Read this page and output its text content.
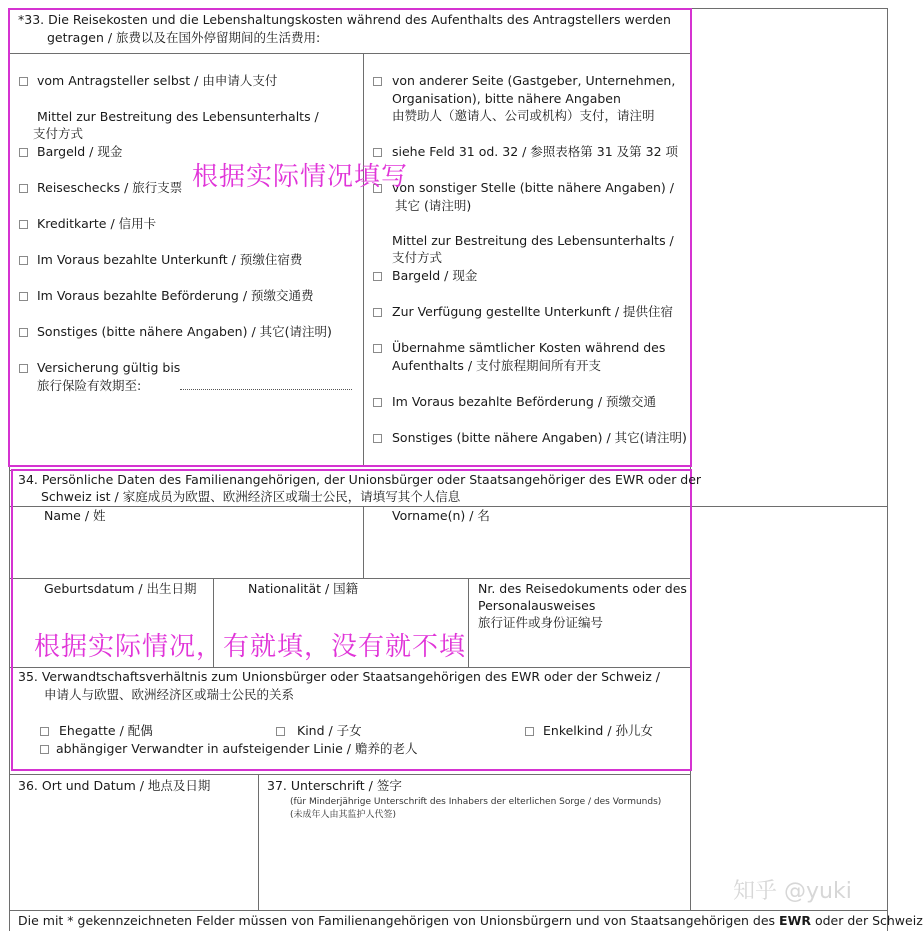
*33. Die Reisekosten und die Lebenshaltungskosten während des Aufenthalts des Antragstellers werden
getragen / 旅费以及在国外停留期间的生活费用:
vom Antragsteller selbst / 由申请人支付
Mittel zur Bestreitung des Lebensunterhalts /
支付方式
Bargeld / 现金
Reiseschecks / 旅行支票
Kreditkarte / 信用卡
Im Voraus bezahlte Unterkunft / 预缴住宿费
Im Voraus bezahlte Beförderung / 预缴交通费
Sonstiges (bitte nähere Angaben) / 其它(请注明)
Versicherung gültig bis
旅行保险有效期至:
von anderer Seite (Gastgeber, Unternehmen,
Organisation), bitte nähere Angaben
由赞助人（邀请人、公司或机构）支付，请注明
siehe Feld 31 od. 32 / 参照表格第 31 及第 32 项
von sonstiger Stelle (bitte nähere Angaben) /
其它 (请注明)
Mittel zur Bestreitung des Lebensunterhalts /
支付方式
Bargeld / 现金
Zur Verfügung gestellte Unterkunft / 提供住宿
Übernahme sämtlicher Kosten während des
Aufenthalts / 支付旅程期间所有开支
Im Voraus bezahlte Beförderung / 预缴交通
Sonstiges (bitte nähere Angaben) / 其它(请注明)
根据实际情况填写
34. Persönliche Daten des Familienangehörigen, der Unionsbürger oder Staatsangehöriger des EWR oder der
Schweiz ist / 家庭成员为欧盟、欧洲经济区或瑞士公民，请填写其个人信息
Name / 姓	Vorname(n) / 名
Geburtsdatum / 出生日期	Nationalität / 国籍	Nr. des Reisedokuments oder des
Personalausweises
旅行证件或身份证编号
根据实际情况，有就填，没有就不填
35. Verwandtschaftsverhältnis zum Unionsbürger oder Staatsangehörigen des EWR oder der Schweiz /
申请人与欧盟、欧洲经济区或瑞士公民的关系
Ehegatte / 配偶	Kind / 子女	Enkelkind / 孙儿女
abhängiger Verwandter in aufsteigender Linie / 赡养的老人
36. Ort und Datum / 地点及日期	37. Unterschrift / 签字
(für Minderjährige Unterschrift des Inhabers der elterlichen Sorge / des Vormunds)
(未成年人由其监护人代签)
知乎 @yuki
Die mit * gekennzeichneten Felder müssen von Familienangehörigen von Unionsbürgern und von Staatsangehörigen des EWR oder der Schweiz
